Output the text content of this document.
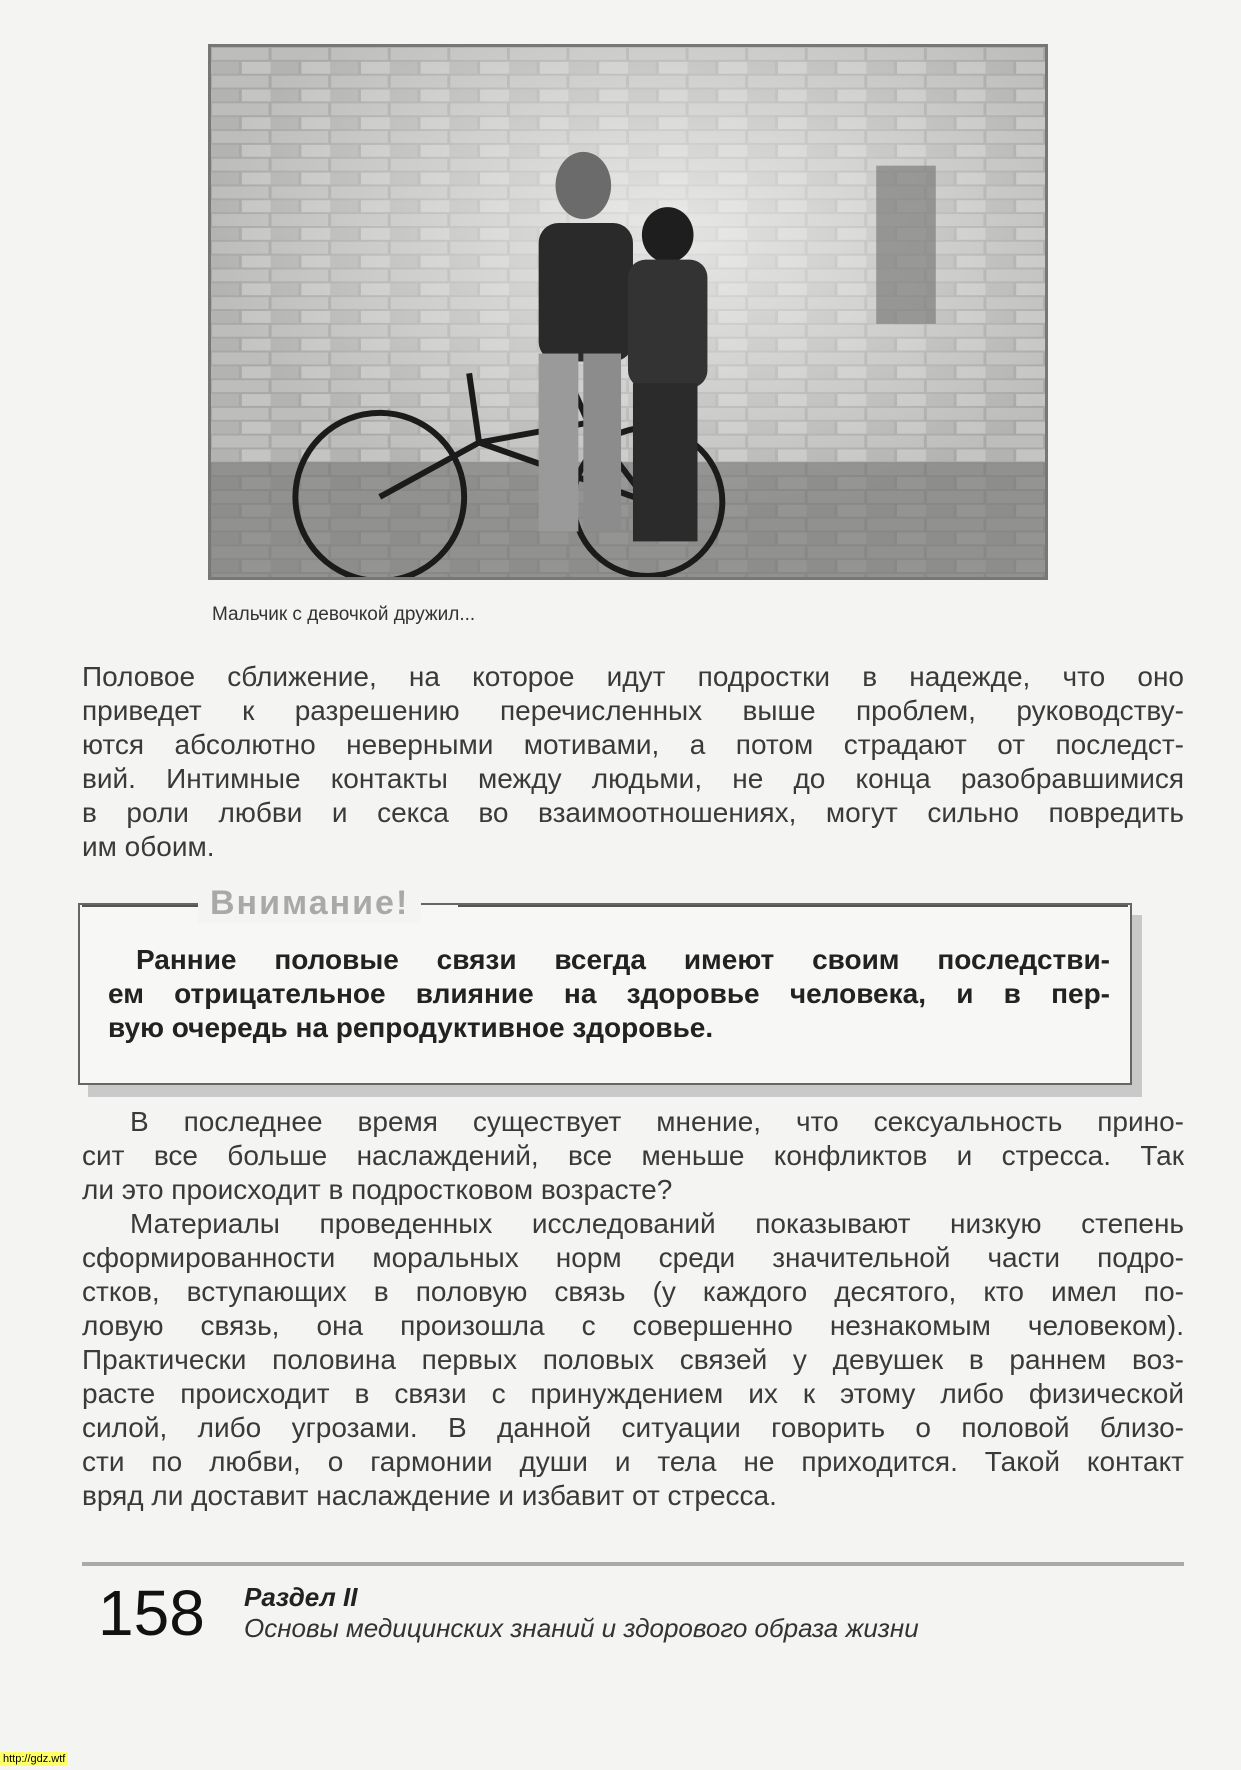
Мальчик с девочкой дружил...

Половое сближение, на которое идут подростки в надежде, что оно
приведет к разрешению перечисленных выше проблем, руководству-
ются абсолютно неверными мотивами, а потом страдают от последст-
вий. Интимные контакты между людьми, не до конца разобравшимися
в роли любви и секса во взаимоотношениях, могут сильно повредить
им обоим.

Внимание!

Ранние половые связи всегда имеют своим последстви-
ем отрицательное влияние на здоровье человека, и в пер-
вую очередь на репродуктивное здоровье.

В последнее время существует мнение, что сексуальность прино-
сит все больше наслаждений, все меньше конфликтов и стресса. Так
ли это происходит в подростковом возрасте?

Материалы проведенных исследований показывают низкую степень
сформированности моральных норм среди значительной части подро-
стков, вступающих в половую связь (у каждого десятого, кто имел по-
ловую связь, она произошла с совершенно незнакомым человеком).
Практически половина первых половых связей у девушек в раннем воз-
расте происходит в связи с принуждением их к этому либо физической
силой, либо угрозами. В данной ситуации говорить о половой близо-
сти по любви, о гармонии души и тела не приходится. Такой контакт
вряд ли доставит наслаждение и избавит от стресса.

158 Раздел II
Основы медицинских знаний и здорового образа жизни
http://gdz.wtf
